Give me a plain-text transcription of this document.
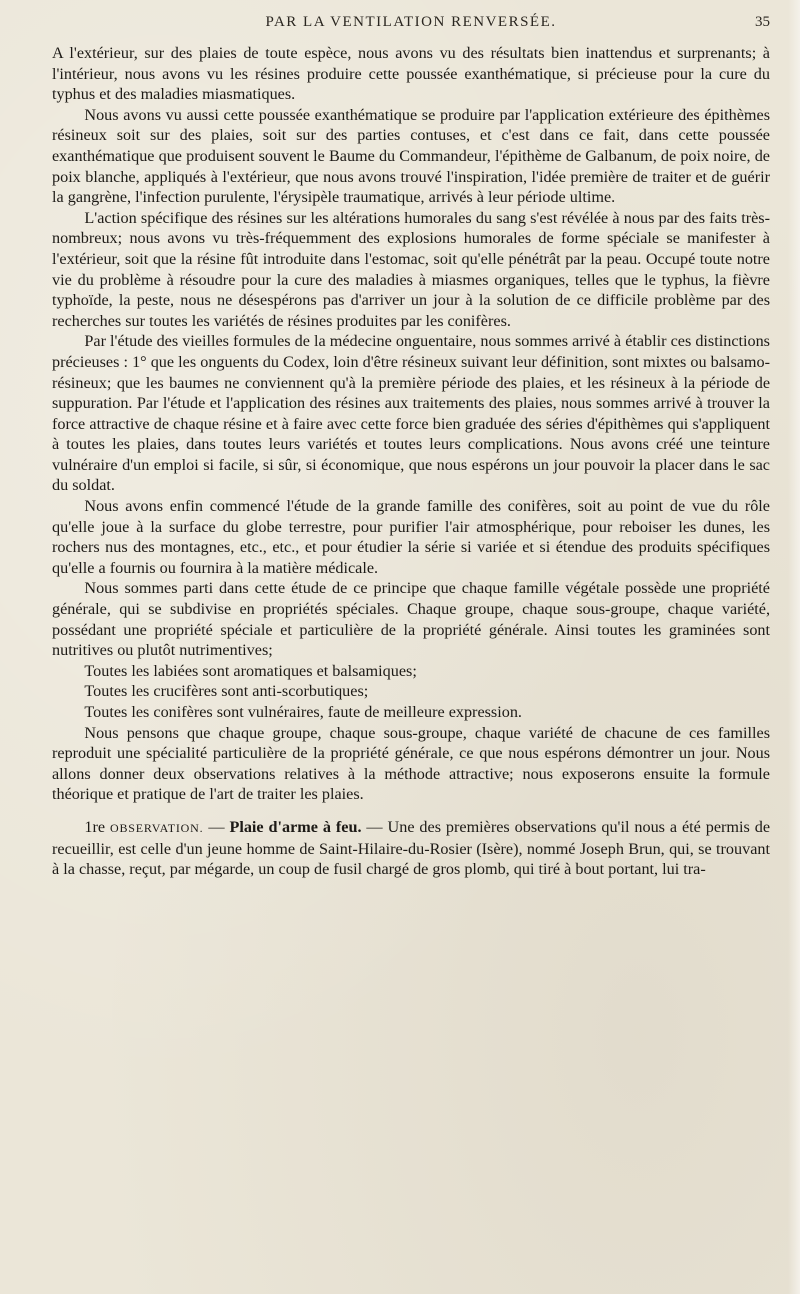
PAR LA VENTILATION RENVERSÉE.	35

A l'extérieur, sur des plaies de toute espèce, nous avons vu des résultats bien inattendus et surprenants; à l'intérieur, nous avons vu les résines produire cette poussée exanthématique, si précieuse pour la cure du typhus et des maladies miasmatiques.

Nous avons vu aussi cette poussée exanthématique se produire par l'application extérieure des épithèmes résineux soit sur des plaies, soit sur des parties contuses, et c'est dans ce fait, dans cette poussée exanthématique que produisent souvent le Baume du Commandeur, l'épithème de Galbanum, de poix noire, de poix blanche, appliqués à l'extérieur, que nous avons trouvé l'inspiration, l'idée première de traiter et de guérir la gangrène, l'infection purulente, l'érysipèle traumatique, arrivés à leur période ultime.

L'action spécifique des résines sur les altérations humorales du sang s'est révélée à nous par des faits très-nombreux; nous avons vu très-fréquemment des explosions humorales de forme spéciale se manifester à l'extérieur, soit que la résine fût introduite dans l'estomac, soit qu'elle pénétrât par la peau. Occupé toute notre vie du problème à résoudre pour la cure des maladies à miasmes organiques, telles que le typhus, la fièvre typhoïde, la peste, nous ne désespérons pas d'arriver un jour à la solution de ce difficile problème par des recherches sur toutes les variétés de résines produites par les conifères.

Par l'étude des vieilles formules de la médecine onguentaire, nous sommes arrivé à établir ces distinctions précieuses : 1° que les onguents du Codex, loin d'être résineux suivant leur définition, sont mixtes ou balsamo-résineux; que les baumes ne conviennent qu'à la première période des plaies, et les résineux à la période de suppuration. Par l'étude et l'application des résines aux traitements des plaies, nous sommes arrivé à trouver la force attractive de chaque résine et à faire avec cette force bien graduée des séries d'épithèmes qui s'appliquent à toutes les plaies, dans toutes leurs variétés et toutes leurs complications. Nous avons créé une teinture vulnéraire d'un emploi si facile, si sûr, si économique, que nous espérons un jour pouvoir la placer dans le sac du soldat.

Nous avons enfin commencé l'étude de la grande famille des conifères, soit au point de vue du rôle qu'elle joue à la surface du globe terrestre, pour purifier l'air atmosphérique, pour reboiser les dunes, les rochers nus des montagnes, etc., etc., et pour étudier la série si variée et si étendue des produits spécifiques qu'elle a fournis ou fournira à la matière médicale.

Nous sommes parti dans cette étude de ce principe que chaque famille végétale possède une propriété générale, qui se subdivise en propriétés spéciales. Chaque groupe, chaque sous-groupe, chaque variété, possédant une propriété spéciale et particulière de la propriété générale. Ainsi toutes les graminées sont nutritives ou plutôt nutrimentives;

Toutes les labiées sont aromatiques et balsamiques;

Toutes les crucifères sont anti-scorbutiques;

Toutes les conifères sont vulnéraires, faute de meilleure expression.

Nous pensons que chaque groupe, chaque sous-groupe, chaque variété de chacune de ces familles reproduit une spécialité particulière de la propriété générale, ce que nous espérons démontrer un jour. Nous allons donner deux observations relatives à la méthode attractive; nous exposerons ensuite la formule théorique et pratique de l'art de traiter les plaies.

1re OBSERVATION. — Plaie d'arme à feu. — Une des premières observations qu'il nous a été permis de recueillir, est celle d'un jeune homme de Saint-Hilaire-du-Rosier (Isère), nommé Joseph Brun, qui, se trouvant à la chasse, reçut, par mégarde, un coup de fusil chargé de gros plomb, qui tiré à bout portant, lui tra-
